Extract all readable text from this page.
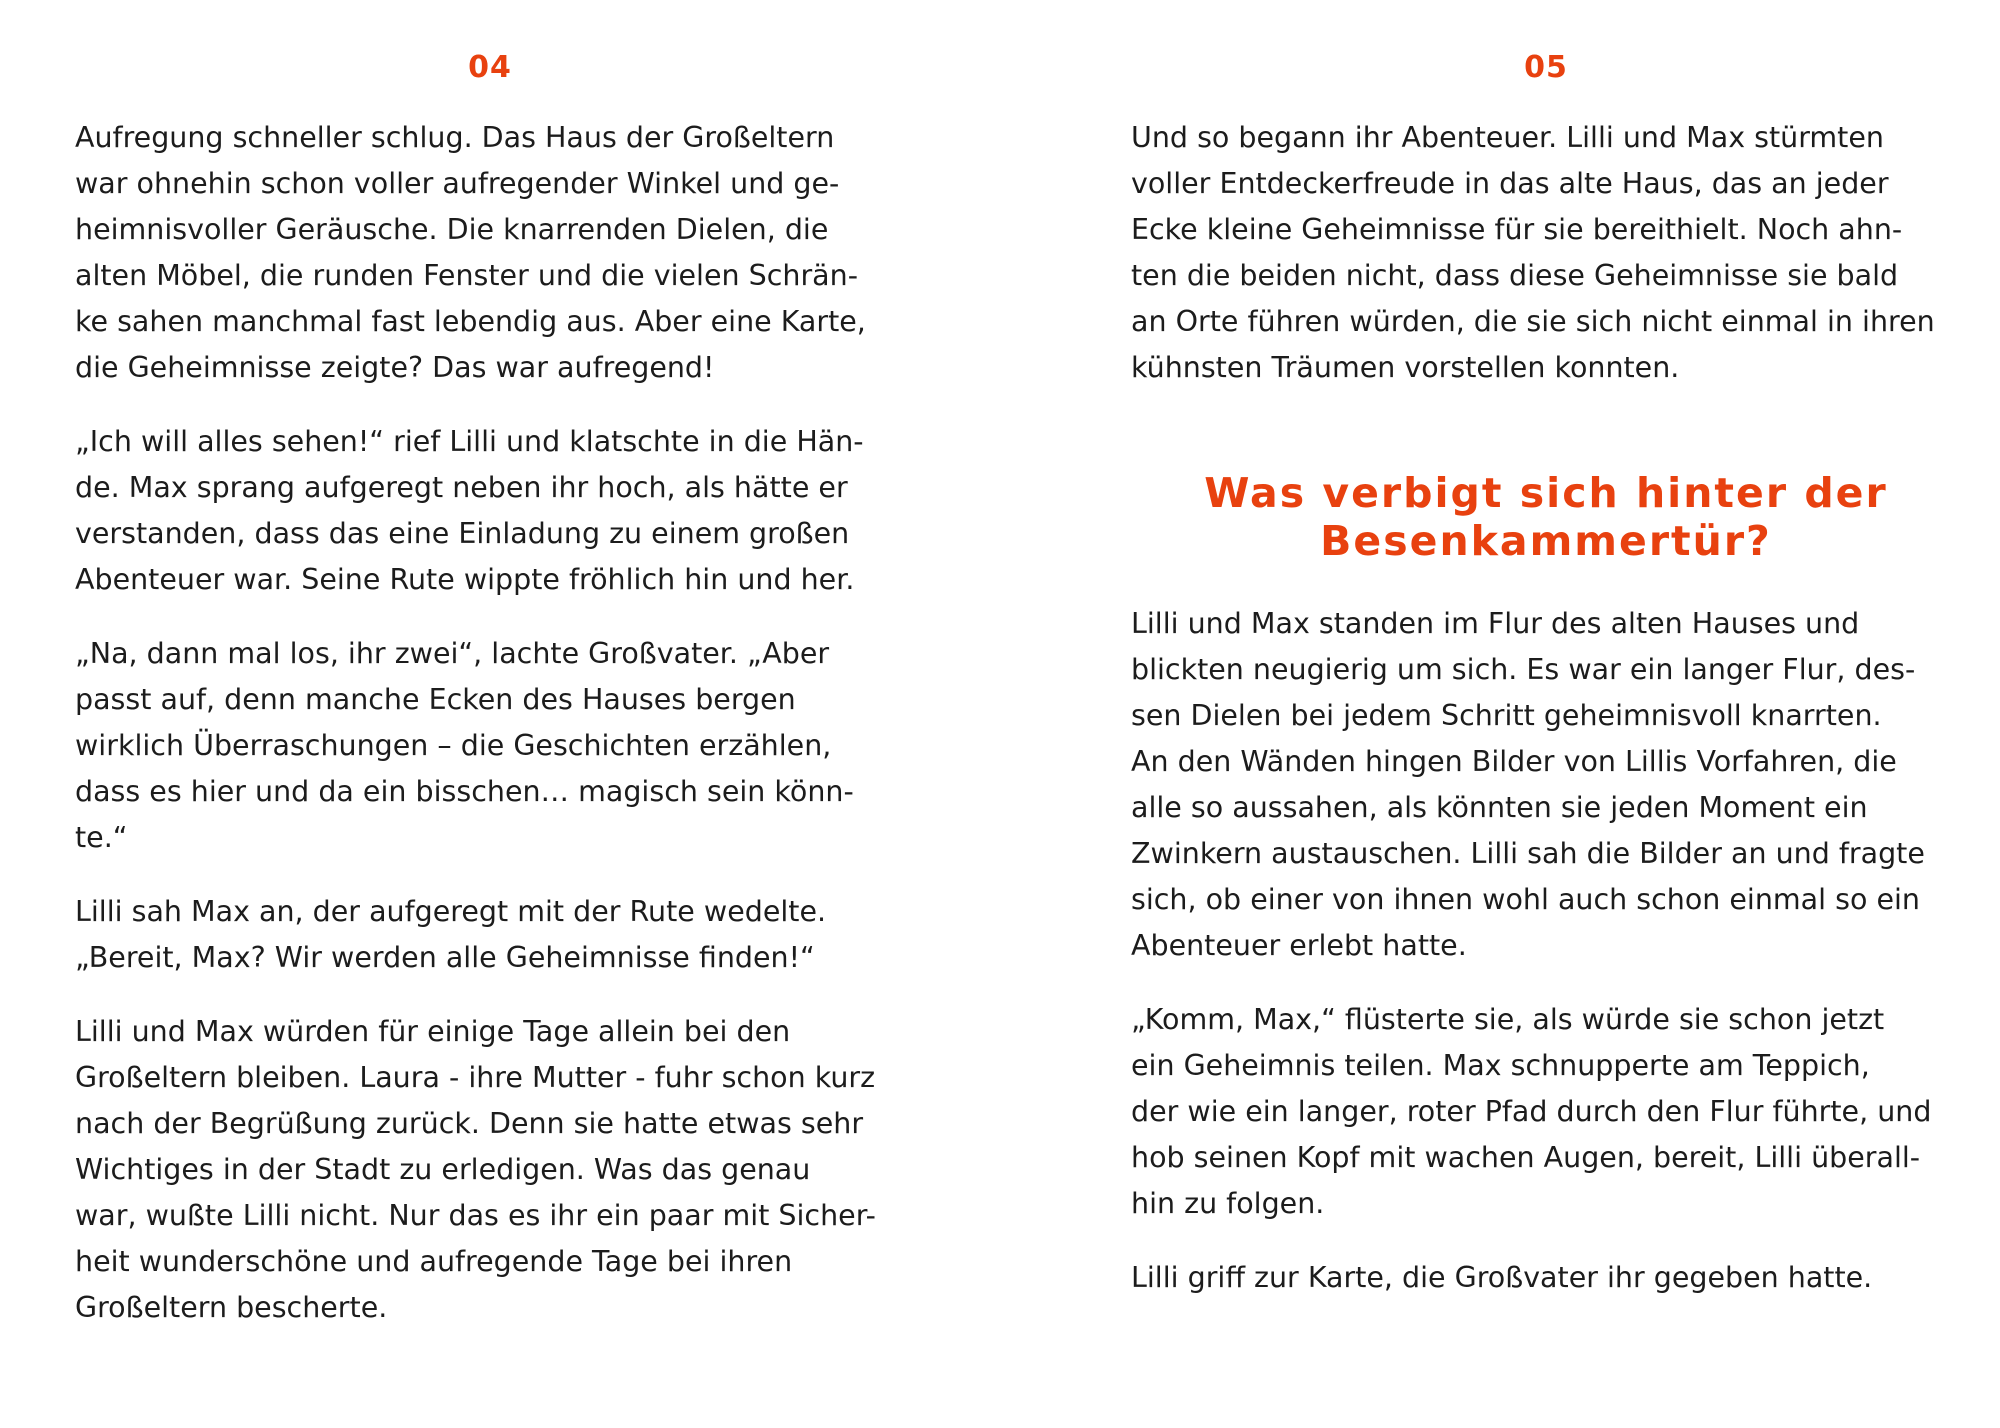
04

Aufregung schneller schlug. Das Haus der Großeltern
war ohnehin schon voller aufregender Winkel und ge-
heimnisvoller Geräusche. Die knarrenden Dielen, die
alten Möbel, die runden Fenster und die vielen Schrän-
ke sahen manchmal fast lebendig aus. Aber eine Karte,
die Geheimnisse zeigte? Das war aufregend!

„Ich will alles sehen!“ rief Lilli und klatschte in die Hän-
de. Max sprang aufgeregt neben ihr hoch, als hätte er
verstanden, dass das eine Einladung zu einem großen
Abenteuer war. Seine Rute wippte fröhlich hin und her.

„Na, dann mal los, ihr zwei“, lachte Großvater. „Aber
passt auf, denn manche Ecken des Hauses bergen
wirklich Überraschungen – die Geschichten erzählen,
dass es hier und da ein bisschen… magisch sein könn-
te.“

Lilli sah Max an, der aufgeregt mit der Rute wedelte.
„Bereit, Max? Wir werden alle Geheimnisse finden!“

Lilli und Max würden für einige Tage allein bei den
Großeltern bleiben. Laura - ihre Mutter - fuhr schon kurz
nach der Begrüßung zurück. Denn sie hatte etwas sehr
Wichtiges in der Stadt zu erledigen. Was das genau
war, wußte Lilli nicht. Nur das es ihr ein paar mit Sicher-
heit wunderschöne und aufregende Tage bei ihren
Großeltern bescherte.

05

Und so begann ihr Abenteuer. Lilli und Max stürmten
voller Entdeckerfreude in das alte Haus, das an jeder
Ecke kleine Geheimnisse für sie bereithielt. Noch ahn-
ten die beiden nicht, dass diese Geheimnisse sie bald
an Orte führen würden, die sie sich nicht einmal in ihren
kühnsten Träumen vorstellen konnten.

Was verbigt sich hinter der
Besenkammertür?

Lilli und Max standen im Flur des alten Hauses und
blickten neugierig um sich. Es war ein langer Flur, des-
sen Dielen bei jedem Schritt geheimnisvoll knarrten.
An den Wänden hingen Bilder von Lillis Vorfahren, die
alle so aussahen, als könnten sie jeden Moment ein
Zwinkern austauschen. Lilli sah die Bilder an und fragte
sich, ob einer von ihnen wohl auch schon einmal so ein
Abenteuer erlebt hatte.

„Komm, Max,“ flüsterte sie, als würde sie schon jetzt
ein Geheimnis teilen. Max schnupperte am Teppich,
der wie ein langer, roter Pfad durch den Flur führte, und
hob seinen Kopf mit wachen Augen, bereit, Lilli überall-
hin zu folgen.

Lilli griff zur Karte, die Großvater ihr gegeben hatte.
